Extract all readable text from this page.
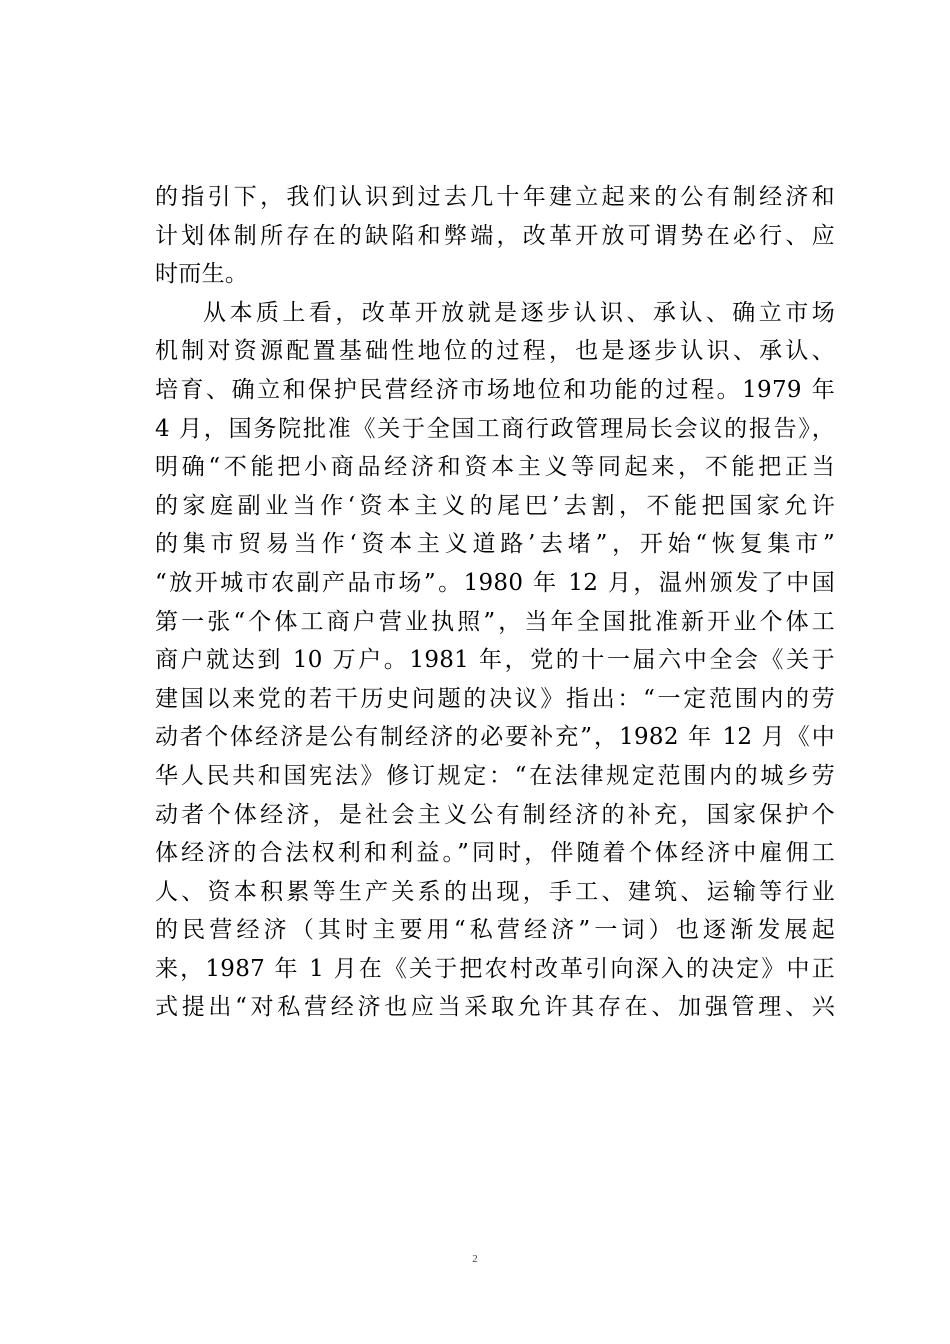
的指引下，我们认识到过去几十年建立起来的公有制经济和
计划体制所存在的缺陷和弊端，改革开放可谓势在必行、应
时而生。
从本质上看，改革开放就是逐步认识、承认、确立市场
机制对资源配置基础性地位的过程，也是逐步认识、承认、
培育、确立和保护民营经济市场地位和功能的过程。1979 年
4 月，国务院批准《关于全国工商行政管理局长会议的报告》，
明确“不能把小商品经济和资本主义等同起来，不能把正当
的家庭副业当作‘资本主义的尾巴’去割，不能把国家允许
的集市贸易当作‘资本主义道路’去堵”，开始“恢复集市”
“放开城市农副产品市场”。1980 年 12 月，温州颁发了中国
第一张“个体工商户营业执照”，当年全国批准新开业个体工
商户就达到 10 万户。1981 年，党的十一届六中全会《关于
建国以来党的若干历史问题的决议》指出：“一定范围内的劳
动者个体经济是公有制经济的必要补充”，1982 年 12 月《中
华人民共和国宪法》修订规定：“在法律规定范围内的城乡劳
动者个体经济，是社会主义公有制经济的补充，国家保护个
体经济的合法权利和利益。”同时，伴随着个体经济中雇佣工
人、资本积累等生产关系的出现，手工、建筑、运输等行业
的民营经济（其时主要用“私营经济”一词）也逐渐发展起
来，1987 年 1 月在《关于把农村改革引向深入的决定》中正
式提出“对私营经济也应当采取允许其存在、加强管理、兴
2
